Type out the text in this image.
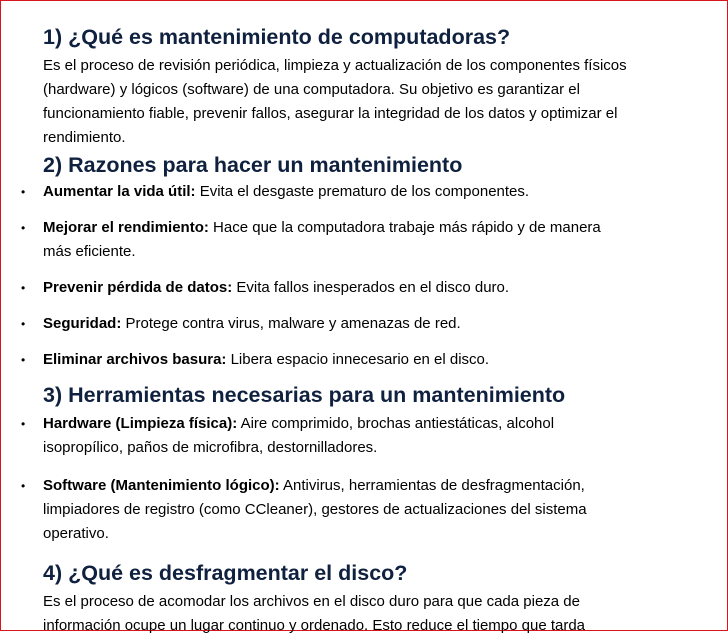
1) ¿Qué es mantenimiento de computadoras?

Es el proceso de revisión periódica, limpieza y actualización de los componentes físicos (hardware) y lógicos (software) de una computadora. Su objetivo es garantizar el funcionamiento fiable, prevenir fallos, asegurar la integridad de los datos y optimizar el rendimiento.

2) Razones para hacer un mantenimiento
• Aumentar la vida útil: Evita el desgaste prematuro de los componentes.
• Mejorar el rendimiento: Hace que la computadora trabaje más rápido y de manera más eficiente.
• Prevenir pérdida de datos: Evita fallos inesperados en el disco duro.
• Seguridad: Protege contra virus, malware y amenazas de red.
• Eliminar archivos basura: Libera espacio innecesario en el disco.
3) Herramientas necesarias para un mantenimiento
• Hardware (Limpieza física): Aire comprimido, brochas antiestáticas, alcohol isopropílico, paños de microfibra, destornilladores.
• Software (Mantenimiento lógico): Antivirus, herramientas de desfragmentación, limpiadores de registro (como CCleaner), gestores de actualizaciones del sistema operativo.
4) ¿Qué es desfragmentar el disco?

Es el proceso de acomodar los archivos en el disco duro para que cada pieza de información ocupe un lugar continuo y ordenado. Esto reduce el tiempo que tarda
